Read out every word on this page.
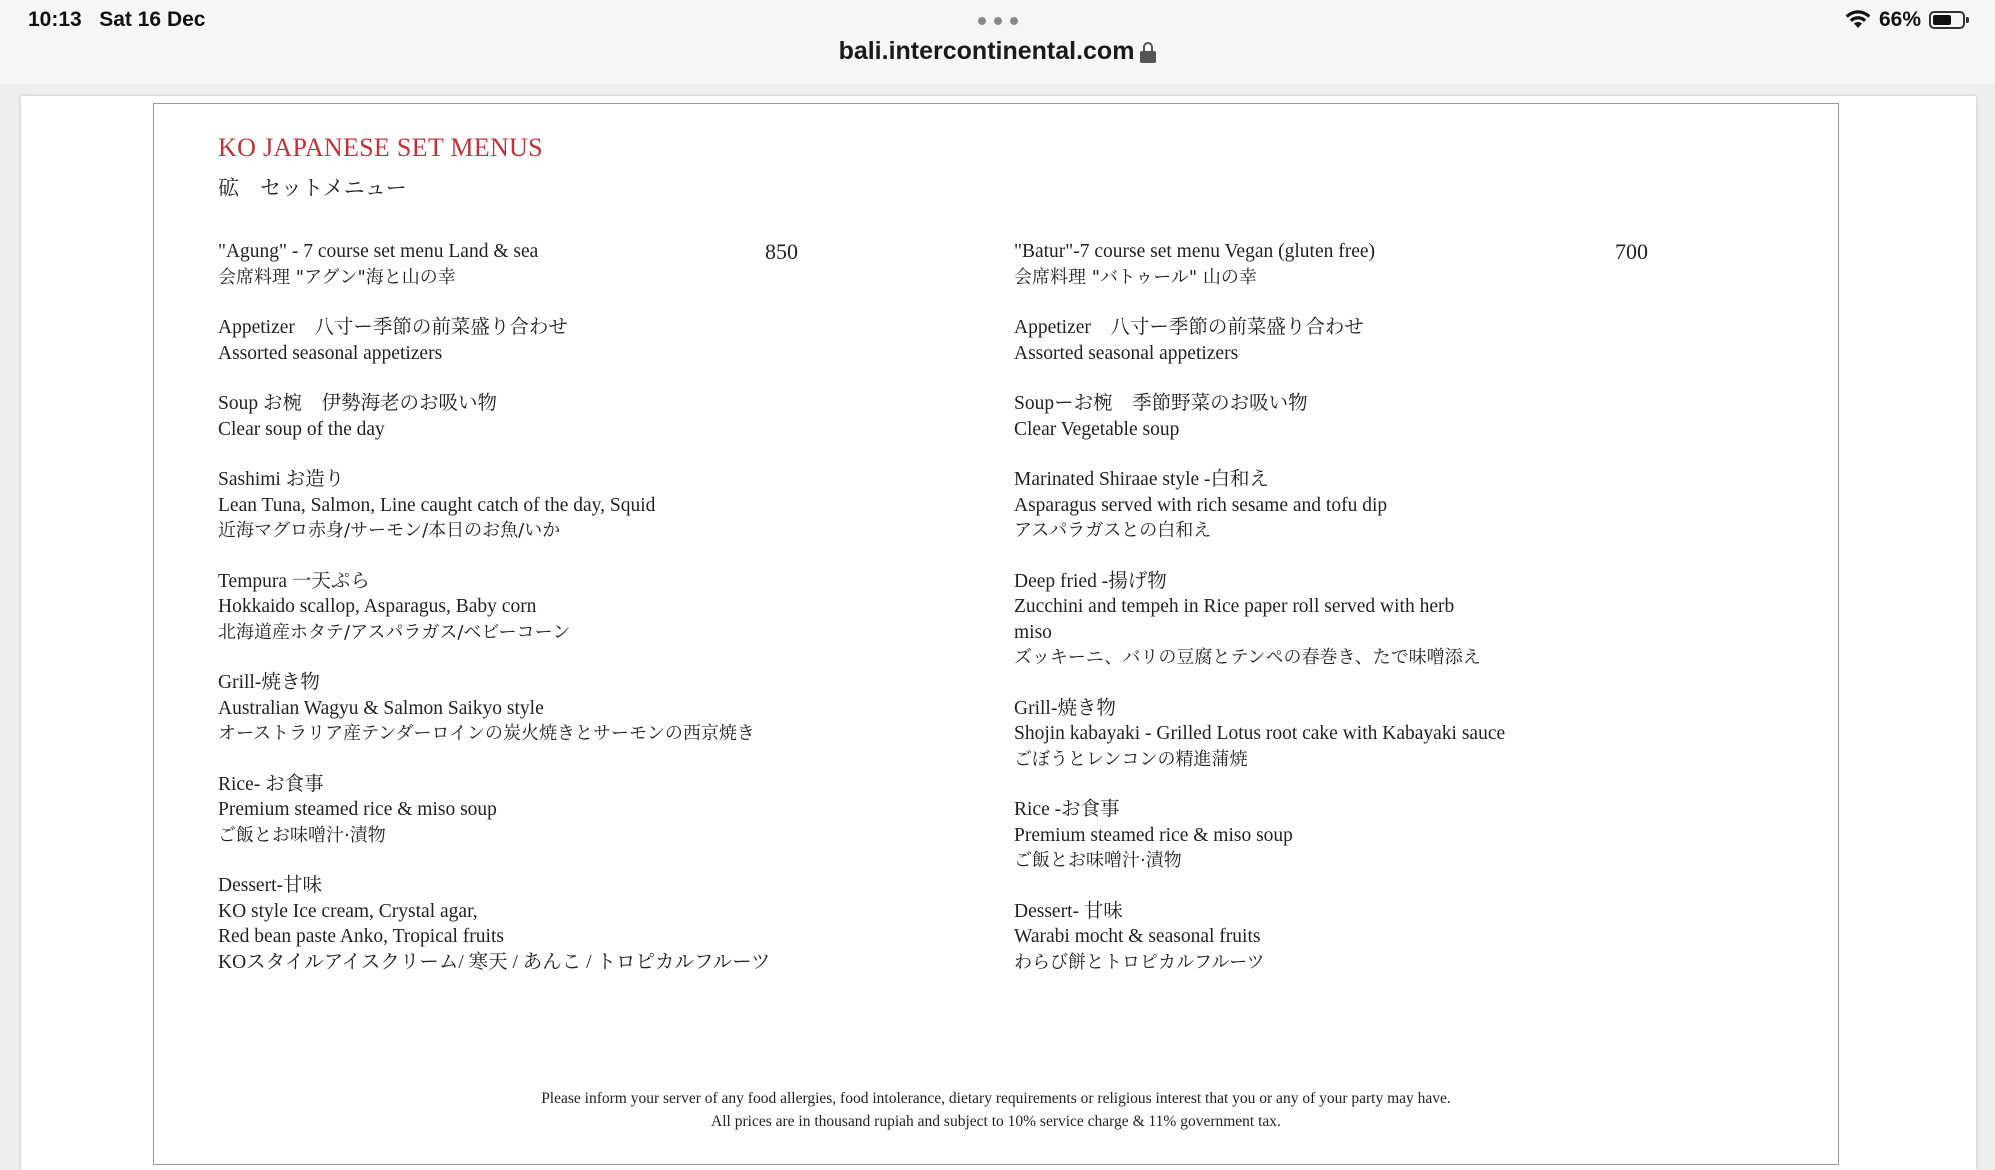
10:13 Sat 16 Dec
bali.intercontinental.com
66%
KO JAPANESE SET MENUS
砿　セットメニュー
850	700
"Agung" - 7 course set menu Land & sea
会席料理 "アグン"海と山の幸
Appetizer　八寸ー季節の前菜盛り合わせ
Assorted seasonal appetizers
Soup お椀　伊勢海老のお吸い物
Clear soup of the day
Sashimi お造り
Lean Tuna, Salmon, Line caught catch of the day, Squid
近海マグロ赤身/サーモン/本日のお魚/いか
Tempura 一天ぷら
Hokkaido scallop, Asparagus, Baby corn
北海道産ホタテ/アスパラガス/ベビーコーン
Grill-焼き物
Australian Wagyu & Salmon Saikyo style
オーストラリア産テンダーロインの炭火焼きとサーモンの西京焼き
Rice- お食事
Premium steamed rice & miso soup
ご飯とお味噌汁·漬物
Dessert-甘味
KO style Ice cream, Crystal agar,
Red bean paste Anko, Tropical fruits
KOスタイルアイスクリーム/ 寒天 / あんこ / トロピカルフルーツ
"Batur"-7 course set menu Vegan (gluten free)
会席料理 "バトゥール" 山の幸
Appetizer　八寸ー季節の前菜盛り合わせ
Assorted seasonal appetizers
Soupーお椀　季節野菜のお吸い物
Clear Vegetable soup
Marinated Shiraae style -白和え
Asparagus served with rich sesame and tofu dip
アスパラガスとの白和え
Deep fried -揚げ物
Zucchini and tempeh in Rice paper roll served with herb
miso
ズッキーニ、バリの豆腐とテンペの春巻き、たで味噌添え
Grill-焼き物
Shojin kabayaki - Grilled Lotus root cake with Kabayaki sauce
ごぼうとレンコンの精進蒲焼
Rice -お食事
Premium steamed rice & miso soup
ご飯とお味噌汁·漬物
Dessert- 甘味
Warabi mocht & seasonal fruits
わらび餅とトロピカルフルーツ
Please inform your server of any food allergies, food intolerance, dietary requirements or religious interest that you or any of your party may have.
All prices are in thousand rupiah and subject to 10% service charge & 11% government tax.
